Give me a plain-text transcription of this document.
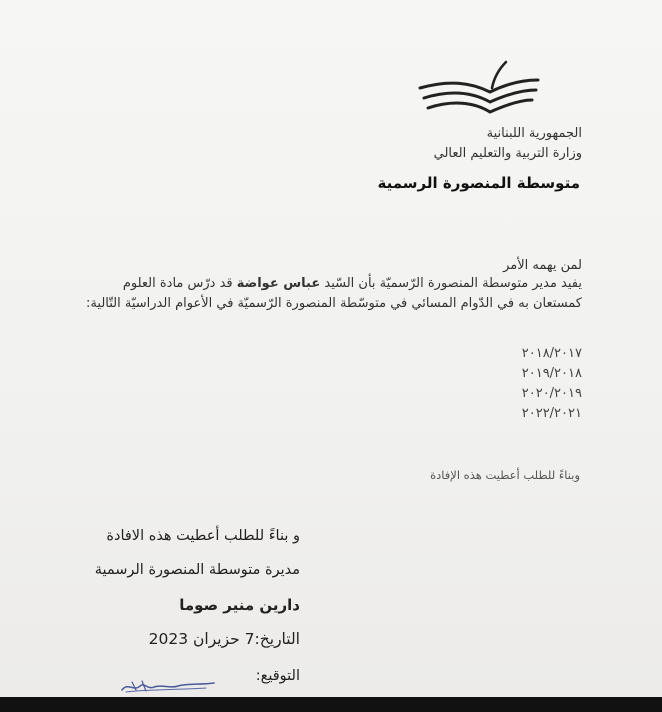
الجمهورية اللبنانية
وزارة التربية والتعليم العالي
متوسطة المنصورة الرسمية
لمن يهمه الأمر
يفيد مدير متوسطة المنصورة الرّسميّة بأن السّيد عباس عواضة قد درّس مادة العلوم
كمستعان به في الدّوام المسائي في متوسّطة المنصورة الرّسميّة في الأعوام الدراسيّة التّالية:
٢٠١٨/٢٠١٧
٢٠١٩/٢٠١٨
٢٠٢٠/٢٠١٩
٢٠٢٢/٢٠٢١
وبناءً للطلب أعطيت هذه الإفادة
و بناءً للطلب أعطيت هذه الافادة
مديرة متوسطة المنصورة الرسمية
دارين منير صوما
التاريخ:7 حزيران 2023
التوقيع:
